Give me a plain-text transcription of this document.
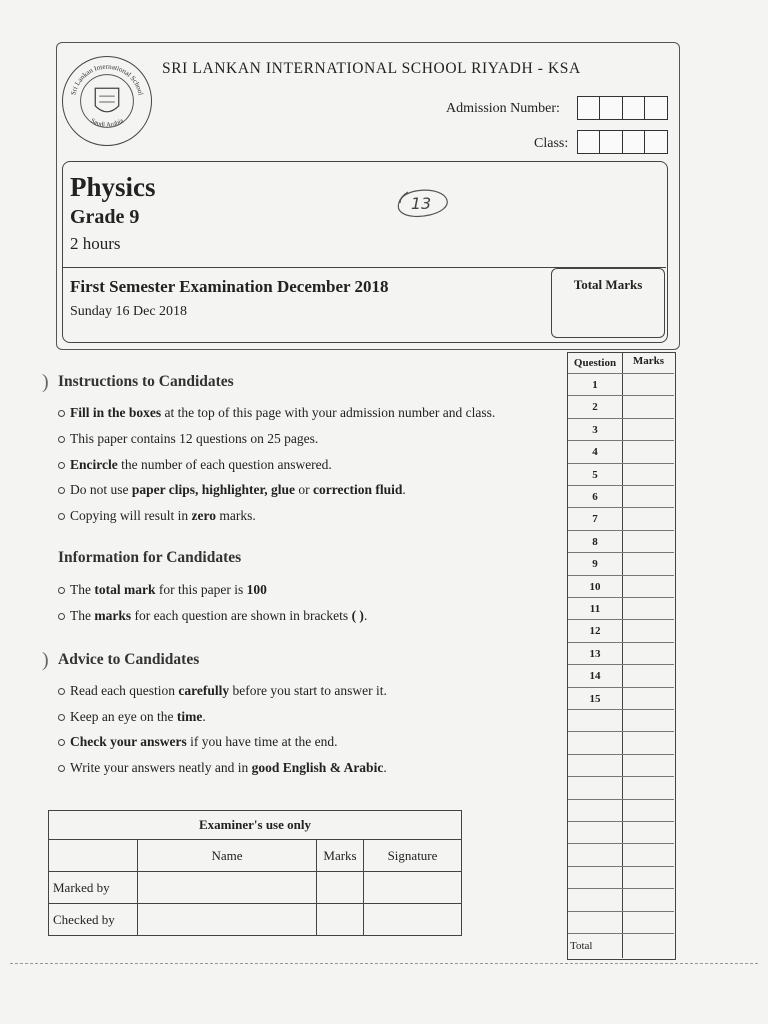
Sri Lankan International School
Saudi Arabia
SRI LANKAN INTERNATIONAL SCHOOL RIYADH - KSA
Admission Number:
Class:
Physics
Grade 9
2 hours
13
First Semester Examination December 2018
Sunday 16 Dec 2018
Total Marks
) Instructions to Candidates
Fill in the boxes at the top of this page with your admission number and class.
This paper contains 12 questions on 25 pages.
Encircle the number of each question answered.
Do not use paper clips, highlighter, glue or correction fluid.
Copying will result in zero marks.
Information for Candidates
The total mark for this paper is 100
The marks for each question are shown in brackets ( ).
) Advice to Candidates
Read each question carefully before you start to answer it.
Keep an eye on the time.
Check your answers if you have time at the end.
Write your answers neatly and in good English & Arabic.
Question	Marks
1
2
3
4
5
6
7
8
9
10
11
12
13
14
15
Total
Examiner's use only			
	Name	Marks	Signature
Marked by			
Checked by			
